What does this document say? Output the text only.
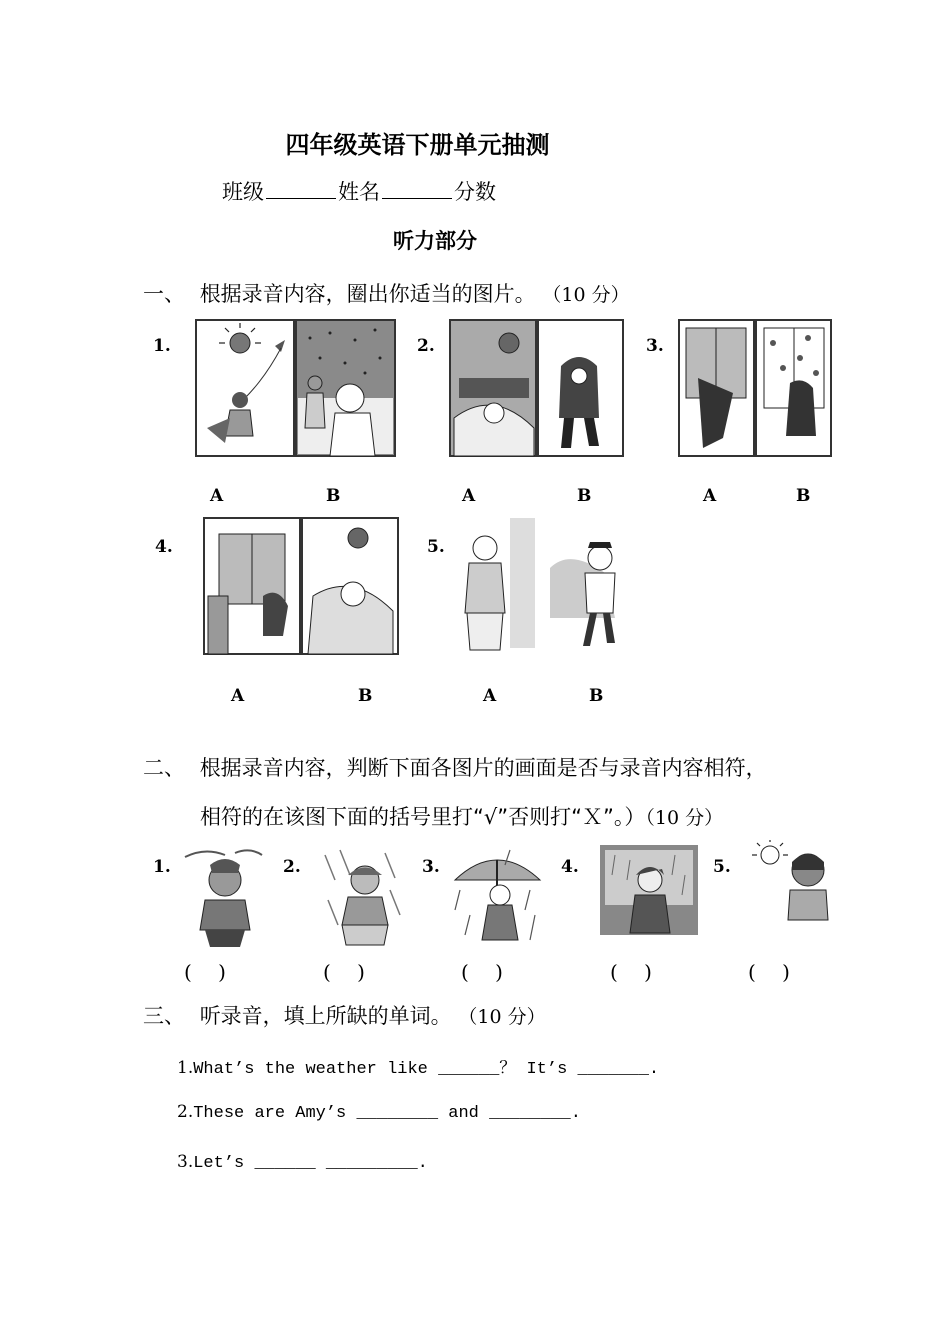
四年级英语下册单元抽测
班级	姓名	分数
听力部分
一、 根据录音内容，圈出你适当的图片。 （10 分）
1.	2.	3.
4.	5.
A	B	A	B	A	B
A	B	A	B
二、 根据录音内容，判断下面各图片的画面是否与录音内容相符，
相符的在该图下面的括号里打“√”否则打“Ｘ”。）（10 分）
1.	2.	3.	4.	5.
(　 )	(　 )	(　 )	(　 )	(　 )
三、 听录音，填上所缺的单词。 （10 分）
1.What’s the weather like ______？ It’s _______.
2.These are Amy’s ________ and ________.
3.Let’s ______ _________.
